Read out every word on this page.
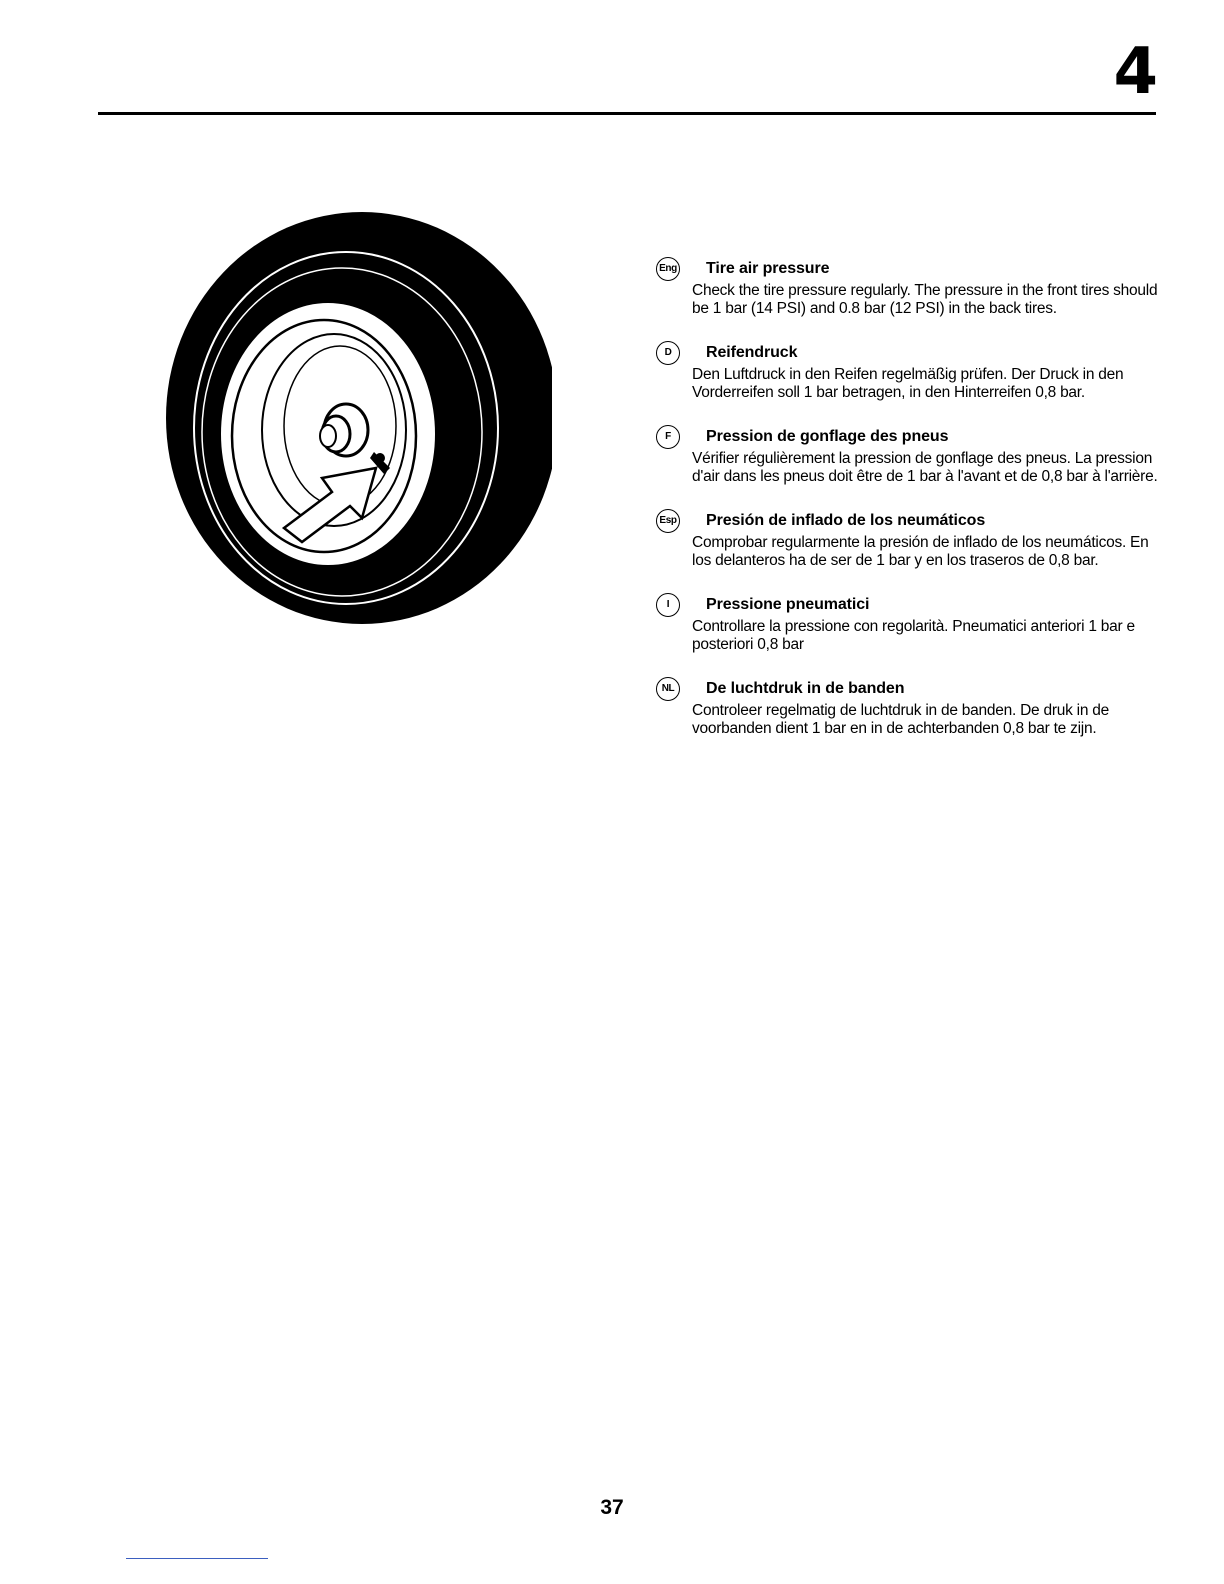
4
Eng Tire air pressure

Check the tire pressure regularly. The pressure in the front tires should be 1 bar (14 PSI) and 0.8 bar (12 PSI) in the back tires.

D	Reifendruck

Den Luftdruck in den Reifen regelmäßig prüfen. Der Druck in den Vorderreifen soll 1 bar betragen, in den Hinterreifen 0,8 bar.

F	Pression de gonflage des pneus

Vérifier régulièrement la pression de gonflage des pneus. La pression d'air dans les pneus doit être de 1 bar à l'avant et de 0,8 bar à l'arrière.

Esp Presión de inflado de los neumáticos

Comprobar regularmente la presión de inflado de los neumáticos. En los delanteros ha de ser de 1 bar y en los traseros de 0,8 bar.

I	Pressione pneumatici

Controllare la pressione con regolarità. Pneumatici anteriori 1 bar e posteriori 0,8 bar

NL	De luchtdruk in de banden

Controleer regelmatig de luchtdruk in de banden. De druk in de voorbanden dient 1 bar en in de achterbanden 0,8 bar te zijn.

37
